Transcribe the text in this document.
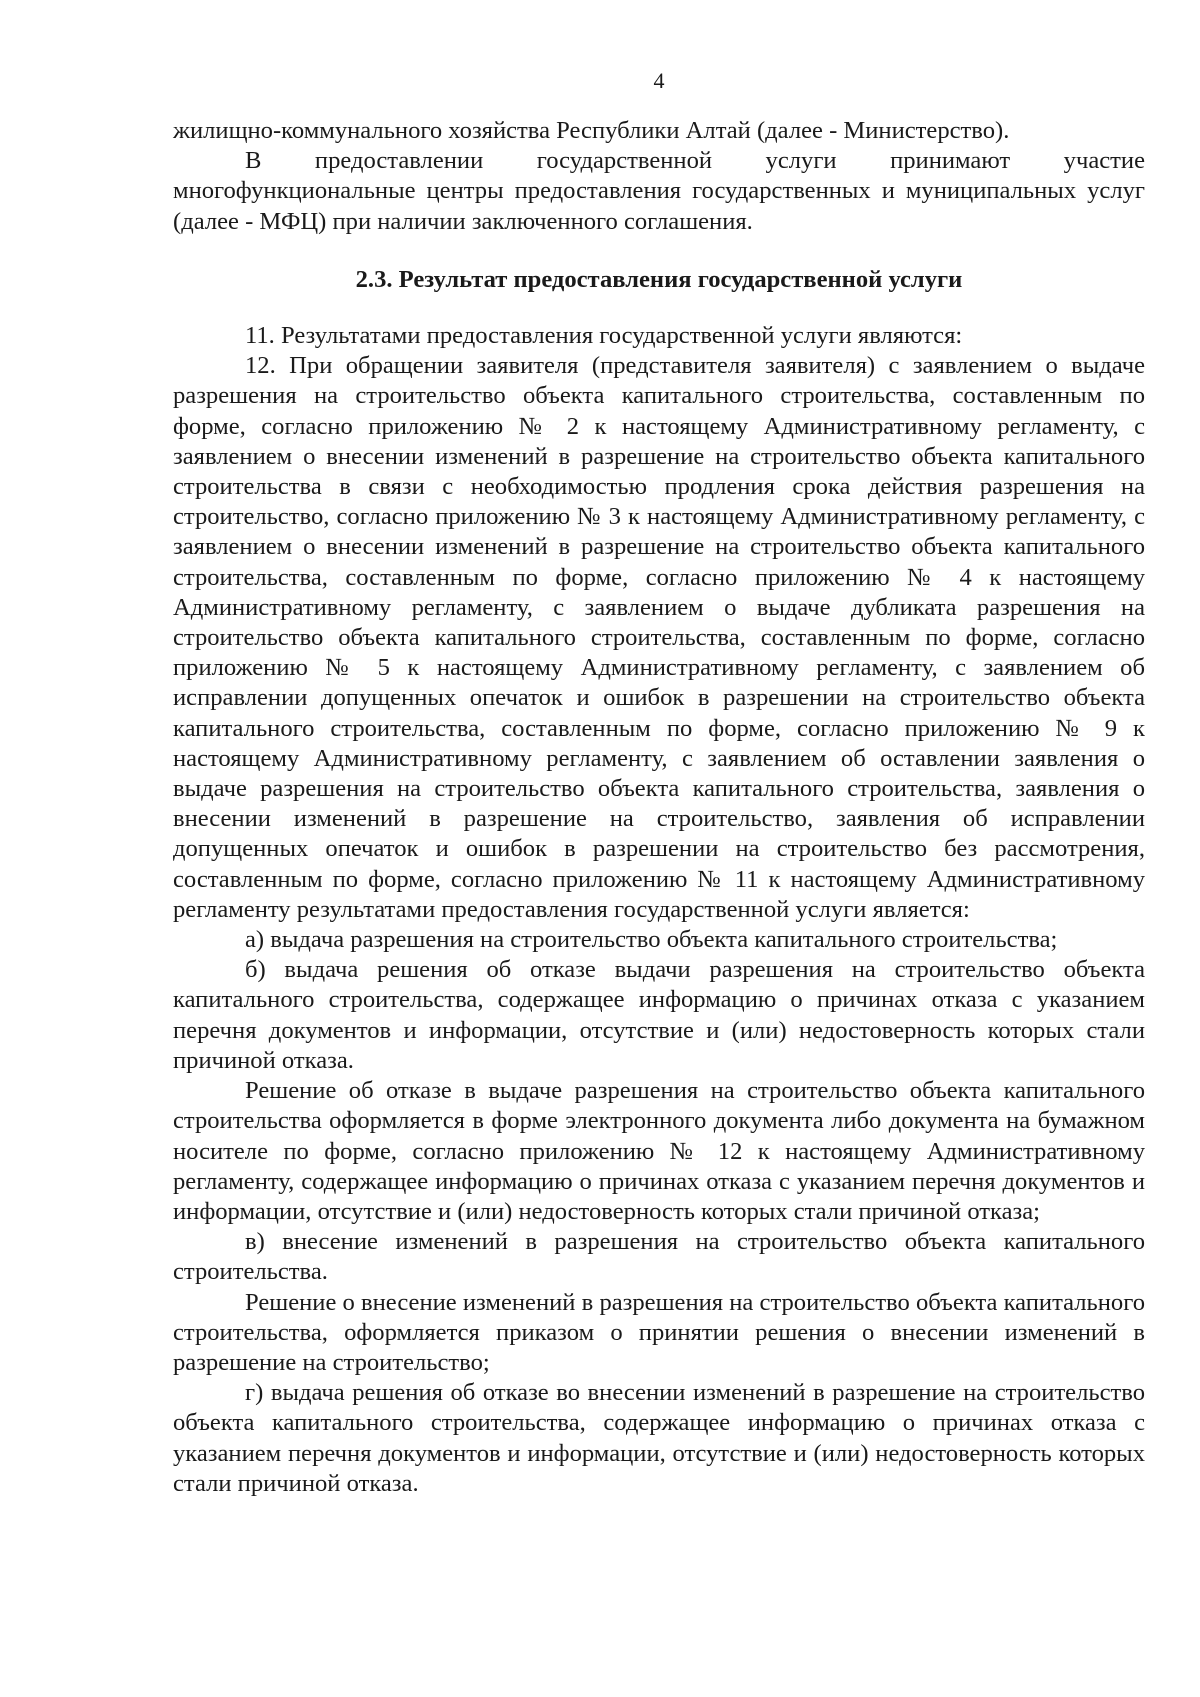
4

жилищно-коммунального хозяйства Республики Алтай (далее - Министерство).

В предоставлении государственной услуги принимают участие многофункциональные центры предоставления государственных и муниципальных услуг (далее - МФЦ) при наличии заключенного соглашения.

2.3. Результат предоставления государственной услуги

11. Результатами предоставления государственной услуги являются:

12. При обращении заявителя (представителя заявителя) с заявлением о выдаче разрешения на строительство объекта капитального строительства, составленным по форме, согласно приложению № 2 к настоящему Административному регламенту, с заявлением о внесении изменений в разрешение на строительство объекта капитального строительства в связи с необходимостью продления срока действия разрешения на строительство, согласно приложению № 3 к настоящему Административному регламенту, с заявлением о внесении изменений в разрешение на строительство объекта капитального строительства, составленным по форме, согласно приложению № 4 к настоящему Административному регламенту, с заявлением о выдаче дубликата разрешения на строительство объекта капитального строительства, составленным по форме, согласно приложению № 5 к настоящему Административному регламенту, с заявлением об исправлении допущенных опечаток и ошибок в разрешении на строительство объекта капитального строительства, составленным по форме, согласно приложению № 9 к настоящему Административному регламенту, с заявлением об оставлении заявления о выдаче разрешения на строительство объекта капитального строительства, заявления о внесении изменений в разрешение на строительство, заявления об исправлении допущенных опечаток и ошибок в разрешении на строительство без рассмотрения, составленным по форме, согласно приложению № 11 к настоящему Административному регламенту результатами предоставления государственной услуги является:

а) выдача разрешения на строительство объекта капитального строительства;

б) выдача решения об отказе выдачи разрешения на строительство объекта капитального строительства, содержащее информацию о причинах отказа с указанием перечня документов и информации, отсутствие и (или) недостоверность которых стали причиной отказа.

Решение об отказе в выдаче разрешения на строительство объекта капитального строительства оформляется в форме электронного документа либо документа на бумажном носителе по форме, согласно приложению № 12 к настоящему Административному регламенту, содержащее информацию о причинах отказа с указанием перечня документов и информации, отсутствие и (или) недостоверность которых стали причиной отказа;

в) внесение изменений в разрешения на строительство объекта капитального строительства.

Решение о внесение изменений в разрешения на строительство объекта капитального строительства, оформляется приказом о принятии решения о внесении изменений в разрешение на строительство;

г) выдача решения об отказе во внесении изменений в разрешение на строительство объекта капитального строительства, содержащее информацию о причинах отказа с указанием перечня документов и информации, отсутствие и (или) недостоверность которых стали причиной отказа.
